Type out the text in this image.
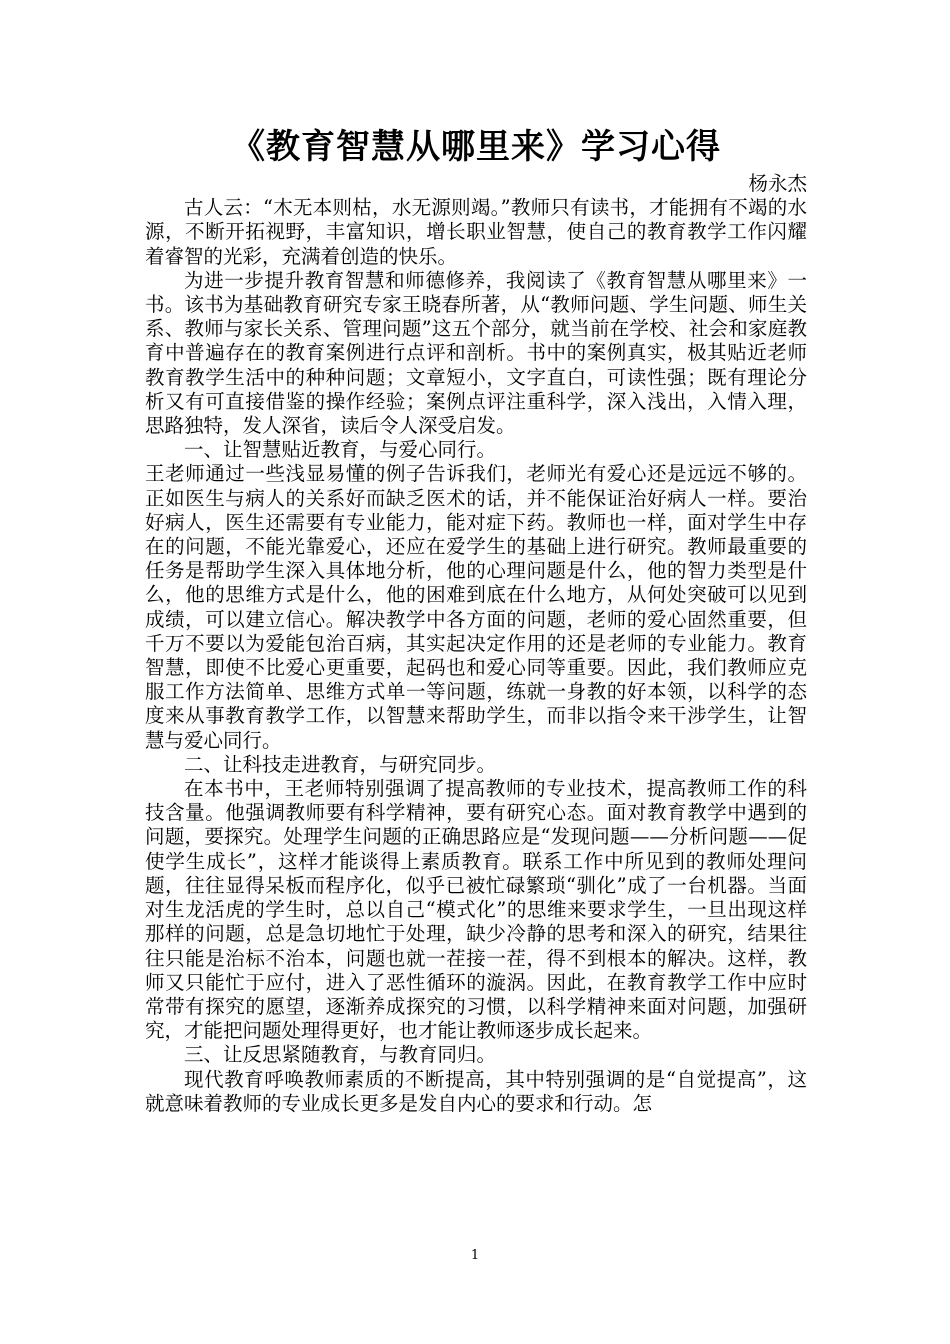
《教育智慧从哪里来》学习心得

杨永杰

古人云：“木无本则枯，水无源则竭。”教师只有读书，才能拥有不竭的水源，不断开拓视野，丰富知识，增长职业智慧，使自己的教育教学工作闪耀着睿智的光彩，充满着创造的快乐。

为进一步提升教育智慧和师德修养，我阅读了《教育智慧从哪里来》一书。该书为基础教育研究专家王晓春所著，从“教师问题、学生问题、师生关系、教师与家长关系、管理问题”这五个部分，就当前在学校、社会和家庭教育中普遍存在的教育案例进行点评和剖析。书中的案例真实，极其贴近老师教育教学生活中的种种问题；文章短小，文字直白，可读性强；既有理论分析又有可直接借鉴的操作经验；案例点评注重科学，深入浅出，入情入理，思路独特，发人深省，读后令人深受启发。

一、让智慧贴近教育，与爱心同行。

王老师通过一些浅显易懂的例子告诉我们，老师光有爱心还是远远不够的。正如医生与病人的关系好而缺乏医术的话，并不能保证治好病人一样。要治好病人，医生还需要有专业能力，能对症下药。教师也一样，面对学生中存在的问题，不能光靠爱心，还应在爱学生的基础上进行研究。教师最重要的任务是帮助学生深入具体地分析，他的心理问题是什么，他的智力类型是什么，他的思维方式是什么，他的困难到底在什么地方，从何处突破可以见到成绩，可以建立信心。解决教学中各方面的问题，老师的爱心固然重要，但千万不要以为爱能包治百病，其实起决定作用的还是老师的专业能力。教育智慧，即使不比爱心更重要，起码也和爱心同等重要。因此，我们教师应克服工作方法简单、思维方式单一等问题，练就一身教的好本领，以科学的态度来从事教育教学工作，以智慧来帮助学生，而非以指令来干涉学生，让智慧与爱心同行。

二、让科技走进教育，与研究同步。

在本书中，王老师特别强调了提高教师的专业技术，提高教师工作的科技含量。他强调教师要有科学精神，要有研究心态。面对教育教学中遇到的问题，要探究。处理学生问题的正确思路应是“发现问题——分析问题——促使学生成长”，这样才能谈得上素质教育。联系工作中所见到的教师处理问题，往往显得呆板而程序化，似乎已被忙碌繁琐“驯化”成了一台机器。当面对生龙活虎的学生时，总以自己“模式化”的思维来要求学生，一旦出现这样那样的问题，总是急切地忙于处理，缺少冷静的思考和深入的研究，结果往往只能是治标不治本，问题也就一茬接一茬，得不到根本的解决。这样，教师又只能忙于应付，进入了恶性循环的漩涡。因此，在教育教学工作中应时常带有探究的愿望，逐渐养成探究的习惯，以科学精神来面对问题，加强研究，才能把问题处理得更好，也才能让教师逐步成长起来。

三、让反思紧随教育，与教育同归。

现代教育呼唤教师素质的不断提高，其中特别强调的是“自觉提高”，这就意味着教师的专业成长更多是发自内心的要求和行动。怎

1
